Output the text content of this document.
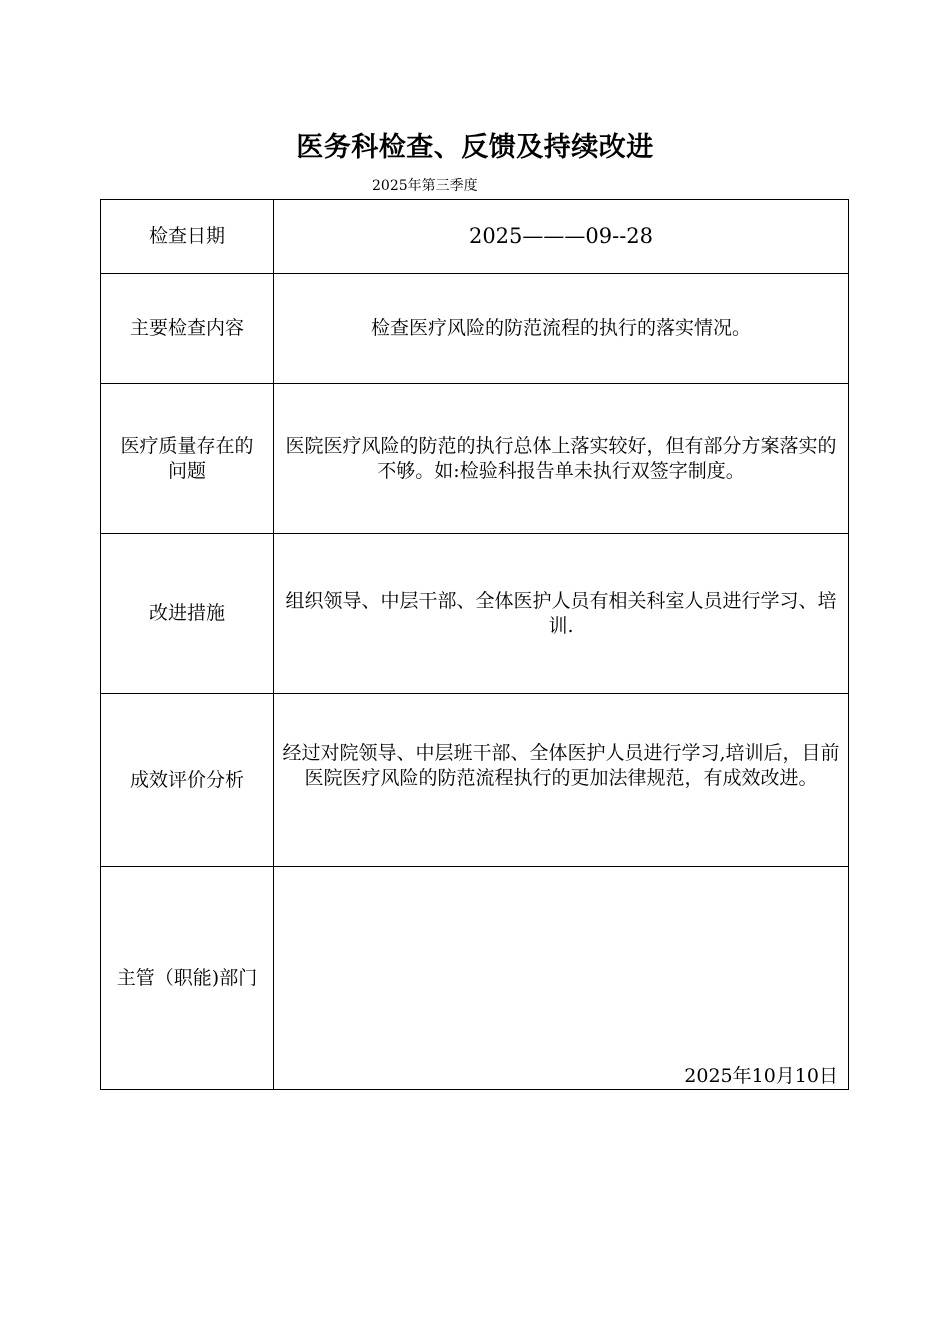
医务科检查、反馈及持续改进
2025年第三季度
检查日期	2025———09--28
主要检查内容	检查医疗风险的防范流程的执行的落实情况。

医疗质量存在的问题	医院医疗风险的防范的执行总体上落实较好，但有部分方案落实的不够。如:检验科报告单未执行双签字制度。

改进措施	组织领导、中层干部、全体医护人员有相关科室人员进行学习、培训.

成效评价分析	经过对院领导、中层班干部、全体医护人员进行学习,培训后，目前医院医疗风险的防范流程执行的更加法律规范，有成效改进。

主管（职能)部门	2025年10月10日
